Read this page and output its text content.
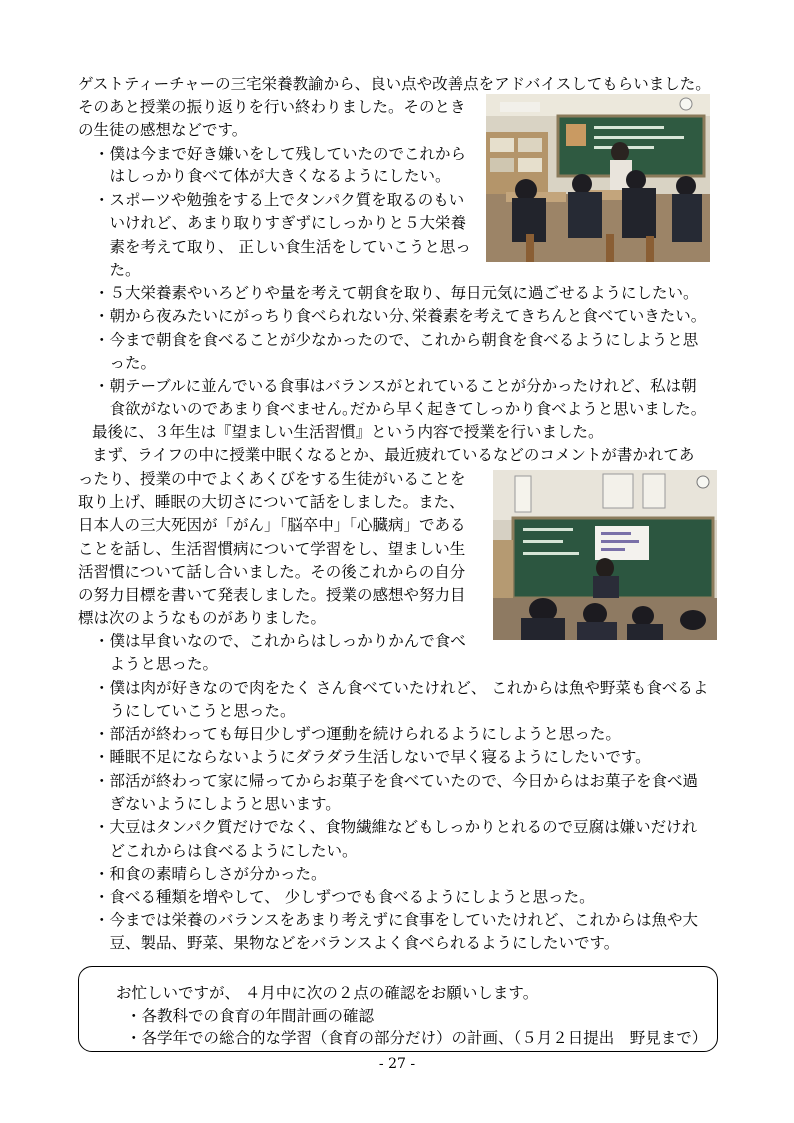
ゲストティーチャーの三宅栄養教諭から、良い点や改善点をアドバイスしてもらいました。
そのあと授業の振り返りを行い終わりました。そのとき
の生徒の感想などです。
・僕は今まで好き嫌いをして残していたのでこれから
　はしっかり食べて体が大きくなるようにしたい。
・スポーツや勉強をする上でタンパク質を取るのもい
　いけれど、あまり取りすぎずにしっかりと５大栄養
　素を考えて取り、 正しい食生活をしていこうと思っ
　た。
・５大栄養素やいろどりや量を考えて朝食を取り、毎日元気に過ごせるようにしたい。
・朝から夜みたいにがっちり食べられない分､栄養素を考えてきちんと食べていきたい。
・今まで朝食を食べることが少なかったので、これから朝食を食べるようにしようと思
　った。
・朝テーブルに並んでいる食事はバランスがとれていることが分かったけれど、私は朝
　食欲がないのであまり食べません｡だから早く起きてしっかり食べようと思いました。
最後に、３年生は『望ましい生活習慣』という内容で授業を行いました。
まず、ライフの中に授業中眠くなるとか、最近疲れているなどのコメントが書かれてあ
ったり、授業の中でよくあくびをする生徒がいることを
取り上げ、睡眠の大切さについて話をしました。また、
日本人の三大死因が「がん」「脳卒中」「心臓病」である
ことを話し、生活習慣病について学習をし、望ましい生
活習慣について話し合いました。その後これからの自分
の努力目標を書いて発表しました。授業の感想や努力目
標は次のようなものがありました。
・僕は早食いなので、これからはしっかりかんで食べ
　ようと思った。
・僕は肉が好きなので肉をたく さん食べていたけれど、 これからは魚や野菜も食べるよ
　うにしていこうと思った。
・部活が終わっても毎日少しずつ運動を続けられるようにしようと思った。
・睡眠不足にならないようにダラダラ生活しないで早く寝るようにしたいです。
・部活が終わって家に帰ってからお菓子を食べていたので、今日からはお菓子を食べ過
　ぎないようにしようと思います。
・大豆はタンパク質だけでなく、食物繊維などもしっかりとれるので豆腐は嫌いだけれ
　どこれからは食べるようにしたい。
・和食の素晴らしさが分かった。
・食べる種類を増やして、 少しずつでも食べるようにしようと思った。
・今までは栄養のバランスをあまり考えずに食事をしていたけれど、これからは魚や大
　豆、製品、野菜、果物などをバランスよく食べられるようにしたいです。
お忙しいですが、 ４月中に次の２点の確認をお願いします。
・各教科での食育の年間計画の確認
・各学年での総合的な学習（食育の部分だけ）の計画、（５月２日提出　野見まで）
- 27 -
